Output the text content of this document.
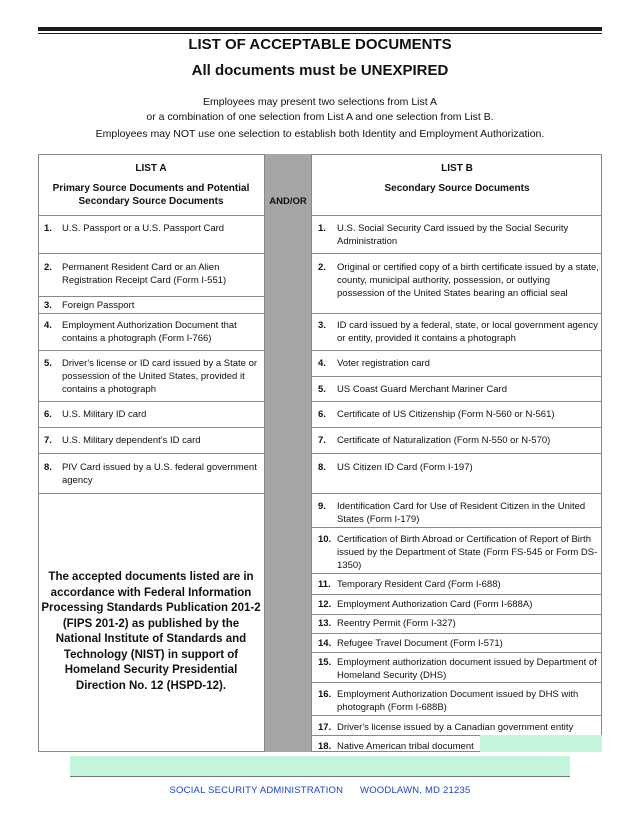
LIST OF ACCEPTABLE DOCUMENTS
All documents must be UNEXPIRED
Employees may present two selections from List A
or a combination of one selection from List A and one selection from List B.
Employees may NOT use one selection to establish both Identity and Employment Authorization.
AND/OR
LIST A
Primary Source Documents and Potential Secondary Source Documents
LIST B
Secondary Source Documents
1. U.S. Passport or a U.S. Passport Card
2. Permanent Resident Card or an Alien Registration Receipt Card (Form I-551)
3. Foreign Passport
4. Employment Authorization Document that contains a photograph (Form I-766)
5. Driver's license or ID card issued by a State or possession of the United States, provided it contains a photograph
6. U.S. Military ID card
7. U.S. Military dependent's ID card
8. PIV Card issued by a U.S. federal government agency
1. U.S. Social Security Card issued by the Social Security Administration
2. Original or certified copy of a birth certificate issued by a state, county, municipal authority, possession, or outlying possession of the United States bearing an official seal
3. ID card issued by a federal, state, or local government agency or entity, provided it contains a photograph
4. Voter registration card
5. US Coast Guard Merchant Mariner Card
6. Certificate of US Citizenship (Form N-560 or N-561)
7. Certificate of Naturalization (Form N-550 or N-570)
8. US Citizen ID Card (Form I-197)
9. Identification Card for Use of Resident Citizen in the United States (Form I-179)
10. Certification of Birth Abroad or Certification of Report of Birth issued by the Department of State (Form FS-545 or Form DS-1350)
11. Temporary Resident Card (Form I-688)
12. Employment Authorization Card (Form I-688A)
13. Reentry Permit (Form I-327)
14. Refugee Travel Document (Form I-571)
15. Employment authorization document issued by Department of Homeland Security (DHS)
16. Employment Authorization Document issued by DHS with photograph (Form I-688B)
17. Driver's license issued by a Canadian government entity
18. Native American tribal document
The accepted documents listed are in accordance with Federal Information Processing Standards Publication 201-2 (FIPS 201-2) as published by the National Institute of Standards and Technology (NIST) in support of Homeland Security Presidential Direction No. 12 (HSPD-12).
SOCIAL SECURITY ADMINISTRATION WOODLAWN, MD 21235
